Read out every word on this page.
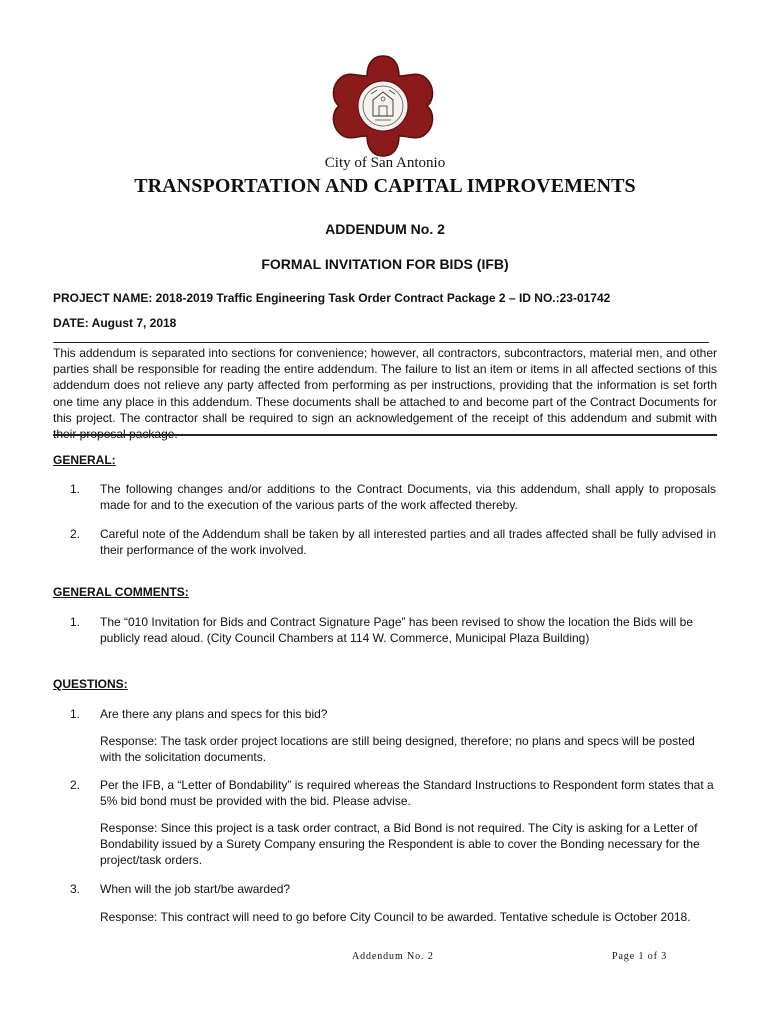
City of San Antonio
TRANSPORTATION AND CAPITAL IMPROVEMENTS
ADDENDUM No. 2
FORMAL INVITATION FOR BIDS (IFB)
PROJECT NAME: 2018-2019 Traffic Engineering Task Order Contract Package 2 – ID NO.:23-01742
DATE: August 7, 2018
This addendum is separated into sections for convenience; however, all contractors, subcontractors, material men, and other parties shall be responsible for reading the entire addendum. The failure to list an item or items in all affected sections of this addendum does not relieve any party affected from performing as per instructions, providing that the information is set forth one time any place in this addendum. These documents shall be attached to and become part of the Contract Documents for this project. The contractor shall be required to sign an acknowledgement of the receipt of this addendum and submit with their proposal package.
GENERAL:
1.	The following changes and/or additions to the Contract Documents, via this addendum, shall apply to proposals made for and to the execution of the various parts of the work affected thereby.
2.	Careful note of the Addendum shall be taken by all interested parties and all trades affected shall be fully advised in their performance of the work involved.
GENERAL COMMENTS:
1.	The “010 Invitation for Bids and Contract Signature Page” has been revised to show the location the Bids will be publicly read aloud. (City Council Chambers at 114 W. Commerce, Municipal Plaza Building)
QUESTIONS:
1.	Are there any plans and specs for this bid?
Response: The task order project locations are still being designed, therefore; no plans and specs will be posted with the solicitation documents.
2.	Per the IFB, a “Letter of Bondability” is required whereas the Standard Instructions to Respondent form states that a 5% bid bond must be provided with the bid. Please advise.
Response: Since this project is a task order contract, a Bid Bond is not required. The City is asking for a Letter of Bondability issued by a Surety Company ensuring the Respondent is able to cover the Bonding necessary for the project/task orders.
3.	When will the job start/be awarded?
Response: This contract will need to go before City Council to be awarded. Tentative schedule is October 2018.
Addendum No. 2	Page 1 of 3
